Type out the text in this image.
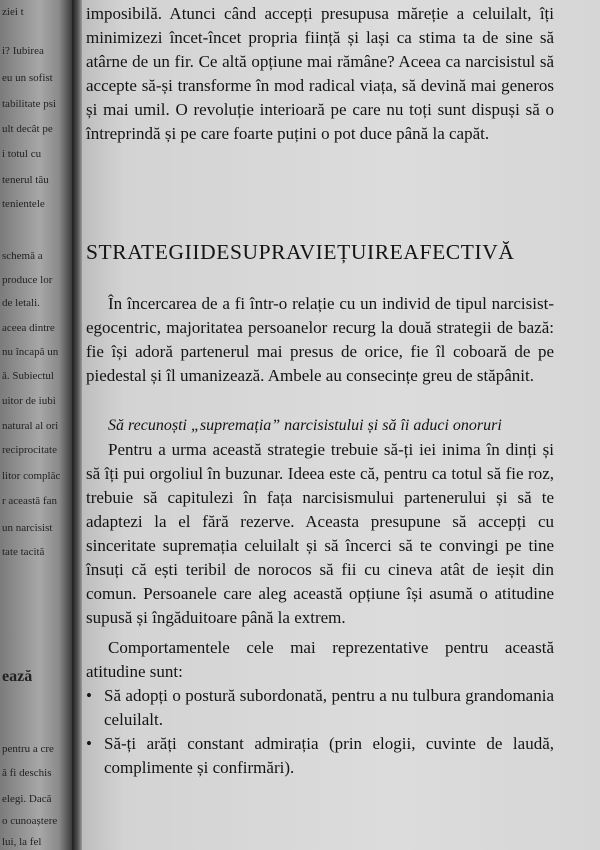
ziei t
i? Iubirea
eu un sofist
tabilitate psi
ult decât pe
i totul cu
tenerul tău
tenientele
schemă a
produce lor
de letali.
aceea dintre
nu încapă un
ă. Subiectul
uitor de iubi
natural al ori
reciprocitate
litor complăc
r această fan
un narcisist
tate tacită
ează
pentru a cre
ă fi deschis
elegi. Dacă
o cunoaștere
lui, la fel

imposibilă. Atunci când accepți presupusa măreție a celuilalt, îți minimizezi încet-încet propria ființă și lași ca stima ta de sine să atârne de un fir. Ce altă opțiune mai rămâne? Aceea ca narcisistul să accepte să-și transforme în mod radical viața, să devină mai generos și mai umil. O revoluție interioară pe care nu toți sunt dispuși să o întreprindă și pe care foarte puțini o pot duce până la capăt.

STRATEGIIDESUPRAVIEȚUIREAFECTIVĂ

În încercarea de a fi într-o relație cu un individ de tipul narcisist-egocentric, majoritatea persoanelor recurg la două strategii de bază: fie își adoră partenerul mai presus de orice, fie îl coboară de pe piedestal și îl umanizează. Ambele au consecințe greu de stăpânit.

Să recunoști „supremația” narcisistului și să îi aduci onoruri

Pentru a urma această strategie trebuie să-ți iei inima în dinți și să îți pui orgoliul în buzunar. Ideea este că, pentru ca totul să fie roz, trebuie să capitulezi în fața narcisismului partenerului și să te adaptezi la el fără rezerve. Aceasta presupune să accepți cu sinceritate supremația celuilalt și să încerci să te convingi pe tine însuți că ești teribil de norocos să fii cu cineva atât de ieșit din comun. Persoanele care aleg această opțiune își asumă o atitudine supusă și îngăduitoare până la extrem.

Comportamentele cele mai reprezentative pentru această atitudine sunt:

• Să adopți o postură subordonată, pentru a nu tulbura grandomania celuilalt.
• Să-ți arăți constant admirația (prin elogii, cuvinte de laudă, complimente și confirmări).
